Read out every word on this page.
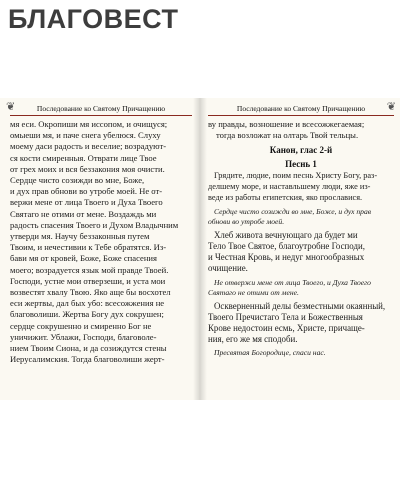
БЛАГОВЕСТ
❦	Последование ко Святому Причащению
мя еси. Окропиши мя иссопом, и очищуся;
омыеши мя, и паче снега убелюся. Слуху
моему даси радость и веселие; возрадуют-
ся кости смиренныя. Отврати лице Твое
от грех моих и вся беззакония моя очисти.
Сердце чисто созижди во мне, Боже,
и дух прав обнови во утробе моей. Не от-
вержи мене от лица Твоего и Духа Твоего
Святаго не отими от мене. Воздаждь ми
радость спасения Твоего и Духом Владычним
утверди мя. Научу беззаконныя путем
Твоим, и нечестивии к Тебе обратятся. Из-
бави мя от кровей, Боже, Боже спасения
моего; возрадуется язык мой правде Твоей.
Господи, устне мои отверзеши, и уста мои
возвестят хвалу Твою. Яко аще бы восхотел
еси жертвы, дал бых убо: всесожжения не
благоволиши. Жертва Богу дух сокрушен;
сердце сокрушенно и смиренно Бог не
уничижит. Ублажи, Господи, благоволе-
нием Твоим Сиона, и да созиждутся стены
Иерусалимския. Тогда благоволиши жерт-
Последование ко Святому Причащению ❦
ву правды, возношение и всесожжегаемая;
тогда возложат на олтарь Твой тельцы.
Канон, глас 2-й
Песнь 1
Грядите, людие, поим песнь Христу Богу, раз-
делшему море, и наставльшему люди, яже из-
веде из работы египетския, яко прославися.
Сердце чисто созижди во мне, Боже, и дух прав обнови во утробе моей.
Хлеб живота вечнующаго да будет ми
Тело Твое Святое, благоутробне Господи,
и Честная Кровь, и недуг многообразных
очищение.
Не отвержи мене от лица Твоего, и Духа Твоего Святаго не отими от мене.
Оскверненный делы безместными окаянный,
Твоего Пречистаго Тела и Божественныя
Крове недостоин есмь, Христе, причаще-
ния, его же мя сподоби.
Пресвятая Богородице, спаси нас.
